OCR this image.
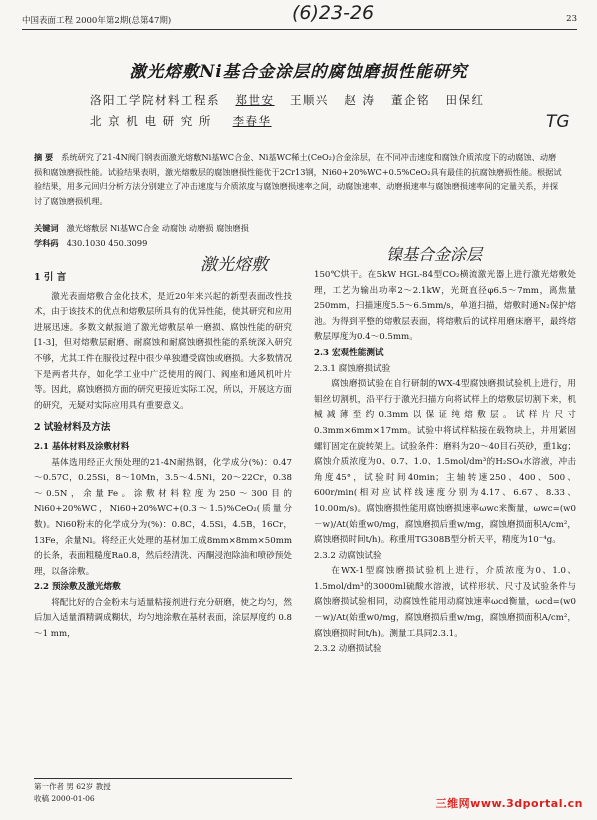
中国表面工程 2000年第2期(总第47期)	23
(6)23-26
TG
激光熔敷Ni基合金涂层的腐蚀磨损性能研究
洛阳工学院材料工程系 郑世安 王顺兴 赵 涛 董企铭 田保红
北 京 机 电 研 究 所 李春华
摘 要 系统研究了21-4N阀门钢表面激光熔敷Ni基WC合金、Ni基WC稀土(CeO₂)合金涂层，在不同冲击速度和腐蚀介质浓度下的动腐蚀、动磨损和腐蚀磨损性能。试验结果表明，激光熔敷层的腐蚀磨损性能优于2Cr13钢，Ni60+20%WC+0.5%CeO₂具有最佳的抗腐蚀磨损性能。根据试验结果，用多元回归分析方法分别建立了冲击速度与介质浓度与腐蚀磨损速率之间，动腐蚀速率、动磨损速率与腐蚀磨损速率间的定量关系，并探讨了腐蚀磨损机理。
关键词 激光熔敷层 Ni基WC合金 动腐蚀 动磨损 腐蚀磨损
学科码 430.1030 450.3099
激光熔敷
镍基合金涂层
1 引 言

激光表面熔敷合金化技术，是近20年来兴起的新型表面改性技术，由于该技术的优点和熔敷层所具有的优异性能，使其研究和应用进展迅速。多数文献报道了激光熔敷层单一磨损、腐蚀性能的研究[1-3]，但对熔敷层耐磨、耐腐蚀和耐腐蚀磨损性能的系统深入研究不够，尤其工件在服役过程中很少单独遭受腐蚀或磨损。大多数情况下是两者共存，如化学工业中广泛使用的阀门、阀座和通风机叶片等。因此，腐蚀磨损方面的研究更接近实际工况，所以，开展这方面的研究，无疑对实际应用具有重要意义。

2 试验材料及方法
2.1 基体材料及涂敷材料

基体选用经正火预处理的21-4N耐热钢，化学成分(%)：0.47～0.57C，0.25Si，8～10Mn，3.5～4.5Ni，20～22Cr，0.38～0.5N，余量Fe。涂敷材料粒度为250～300目的Ni60+20%WC，Ni60+20%WC+(0.3～1.5)%CeO₂(质量分数)。Ni60粉末的化学成分为(%)：0.8C，4.5Si，4.5B，16Cr，13Fe，余量Ni。将经正火处理的基材加工成8mm×8mm×50mm的长条，表面粗糙度Ra0.8，然后经清洗、丙酮浸泡除油和喷砂预处理，以备涂敷。

2.2 预涂敷及激光熔敷

将配比好的合金粉末与适量粘接剂进行充分研磨，使之均匀，然后加入适量酒精调成糊状，均匀地涂敷在基材表面，涂层厚度约 0.8～1 mm，

第一作者 男 62岁 教授
收稿 2000-01-06

150℃烘干。在5kW HGL-84型CO₂横流激光器上进行激光熔敷处理，工艺为输出功率2～2.1kW，光斑直径φ6.5～7mm，离焦量250mm，扫描速度5.5～6.5mm/s，单道扫描，熔敷时通N₂保护熔池。为得到平整的熔敷层表面，将熔敷后的试样用磨床磨平，最终熔敷层厚度为0.4～0.5mm。

2.3 宏观性能测试
2.3.1 腐蚀磨损试验

腐蚀磨损试验在自行研制的WX-4型腐蚀磨损试验机上进行，用钼丝切割机，沿平行于激光扫描方向将试样上的熔敷层切割下来，机械减薄至约0.3mm以保证纯熔敷层。试样片尺寸0.3mm×6mm×17mm。试验中将试样粘接在载物块上，并用紧固螺钉固定在旋转架上。试验条件：磨料为20～40目石英砂，重1kg；腐蚀介质浓度为0、0.7、1.0、1.5mol/dm³的H₂SO₄水溶液，冲击角度45°，试验时间40min；主轴转速250、400、500、600r/min(相对应试样线速度分别为4.17、6.67、8.33、10.00m/s)。腐蚀磨损性能用腐蚀磨损速率ωwc来衡量，ωwc=(w0－w)/At(始重w0/mg，腐蚀磨损后重w/mg，腐蚀磨损面积A/cm²，腐蚀磨损时间t/h)。称重用TG308B型分析天平，精度为10⁻⁴g。

2.3.2 动腐蚀试验

在WX-1型腐蚀磨损试验机上进行，介质浓度为0、1.0、1.5mol/dm³的3000ml硫酸水溶液，试样形状、尺寸及试验条件与腐蚀磨损试验相同，动腐蚀性能用动腐蚀速率ωcd衡量，ωcd=(w0－w)/At(始重w0/mg，腐蚀磨损后重w/mg，腐蚀磨损面积A/cm²，腐蚀磨损时间t/h)。测量工具同2.3.1。

2.3.2 动磨损试验
三维网www.3dportal.cn
